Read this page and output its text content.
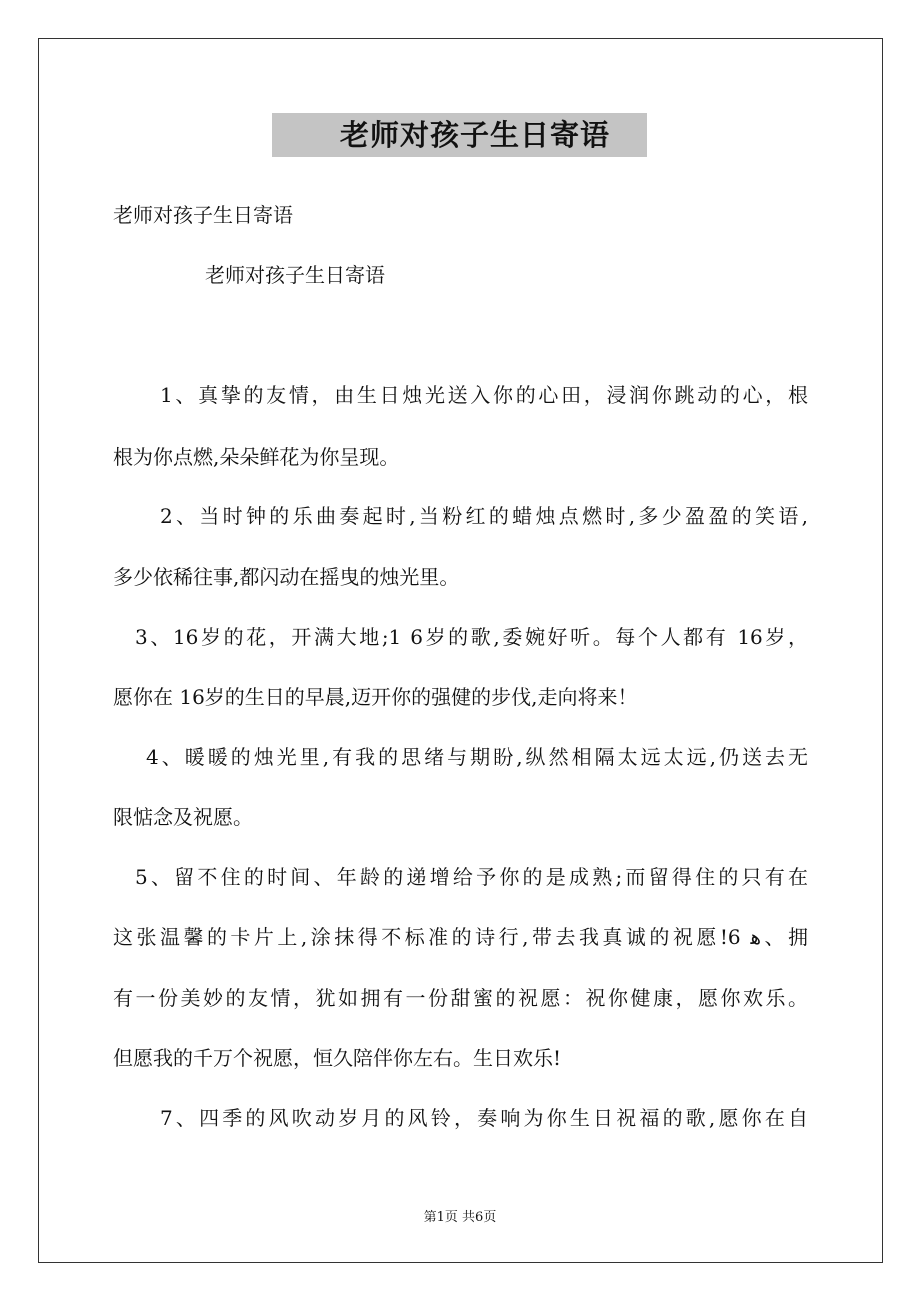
老师对孩子生日寄语
老师对孩子生日寄语
老师对孩子生日寄语
1、真挚的友情，由生日烛光送入你的心田，浸润你跳动的心，根
根为你点燃,朵朵鲜花为你呈现。
2、当时钟的乐曲奏起时,当粉红的蜡烛点燃时,多少盈盈的笑语,
多少依稀往事,都闪动在摇曳的烛光里。
3、16岁的花，开满大地;1 6岁的歌,委婉好听。每个人都有 16岁，
愿你在 16岁的生日的早晨,迈开你的强健的步伐,走向将来！
4、暖暖的烛光里,有我的思绪与期盼,纵然相隔太远太远,仍送去无
限惦念及祝愿。
5、留不住的时间、年龄的递增给予你的是成熟;而留得住的只有在
这张温馨的卡片上,涂抹得不标准的诗行,带去我真诚的祝愿!6 ﻫ、拥
有一份美妙的友情，犹如拥有一份甜蜜的祝愿：祝你健康，愿你欢乐。
但愿我的千万个祝愿，恒久陪伴你左右。生日欢乐!
7、四季的风吹动岁月的风铃，奏响为你生日祝福的歌,愿你在自
第1页 共6页
